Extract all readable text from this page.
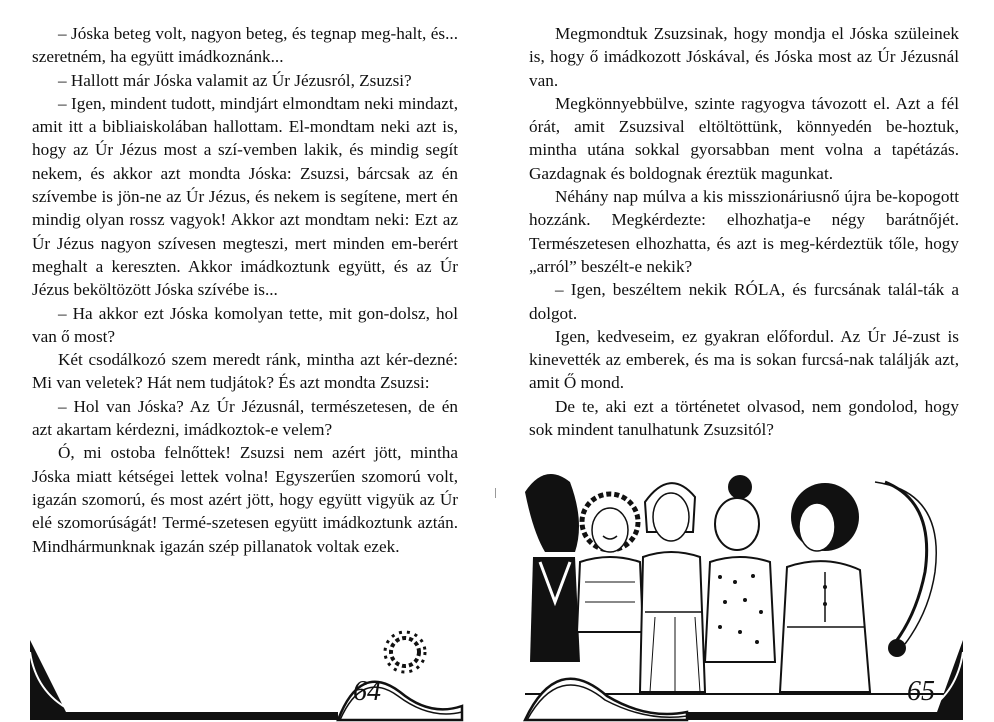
– Jóska beteg volt, nagyon beteg, és tegnap meg-halt, és... szeretném, ha együtt imádkoznánk...

– Hallott már Jóska valamit az Úr Jézusról, Zsuzsi?

– Igen, mindent tudott, mindjárt elmondtam neki mindazt, amit itt a bibliaiskolában hallottam. El-mondtam neki azt is, hogy az Úr Jézus most a szí-vemben lakik, és mindig segít nekem, és akkor azt mondta Jóska: Zsuzsi, bárcsak az én szívembe is jön-ne az Úr Jézus, és nekem is segítene, mert én mindig olyan rossz vagyok! Akkor azt mondtam neki: Ezt az Úr Jézus nagyon szívesen megteszi, mert minden em-berért meghalt a kereszten. Akkor imádkoztunk együtt, és az Úr Jézus beköltözött Jóska szívébe is...

– Ha akkor ezt Jóska komolyan tette, mit gon-dolsz, hol van ő most?

Két csodálkozó szem meredt ránk, mintha azt kér-dezné: Mi van veletek? Hát nem tudjátok? És azt mondta Zsuzsi:

– Hol van Jóska? Az Úr Jézusnál, természetesen, de én azt akartam kérdezni, imádkoztok-e velem?

Ó, mi ostoba felnőttek! Zsuzsi nem azért jött, mintha Jóska miatt kétségei lettek volna! Egyszerűen szomorú volt, igazán szomorú, és most azért jött, hogy együtt vigyük az Úr elé szomorúságát! Termé-szetesen együtt imádkoztunk aztán. Mindhármunknak igazán szép pillanatok voltak ezek.

64

Megmondtuk Zsuzsinak, hogy mondja el Jóska szüleinek is, hogy ő imádkozott Jóskával, és Jóska most az Úr Jézusnál van.

Megkönnyebbülve, szinte ragyogva távozott el. Azt a fél órát, amit Zsuzsival eltöltöttünk, könnyedén be-hoztuk, mintha utána sokkal gyorsabban ment volna a tapétázás. Gazdagnak és boldognak éreztük magunkat.

Néhány nap múlva a kis misszionáriusnő újra be-kopogott hozzánk. Megkérdezte: elhozhatja-e négy barátnőjét. Természetesen elhozhatta, és azt is meg-kérdeztük tőle, hogy „arról” beszélt-e nekik?

– Igen, beszéltem nekik RÓLA, és furcsának talál-ták a dolgot.

Igen, kedveseim, ez gyakran előfordul. Az Úr Jé-zust is kinevették az emberek, és ma is sokan furcsá-nak találják azt, amit Ő mond.

De te, aki ezt a történetet olvasod, nem gondolod, hogy sok mindent tanulhatunk Zsuzsitól?

65
